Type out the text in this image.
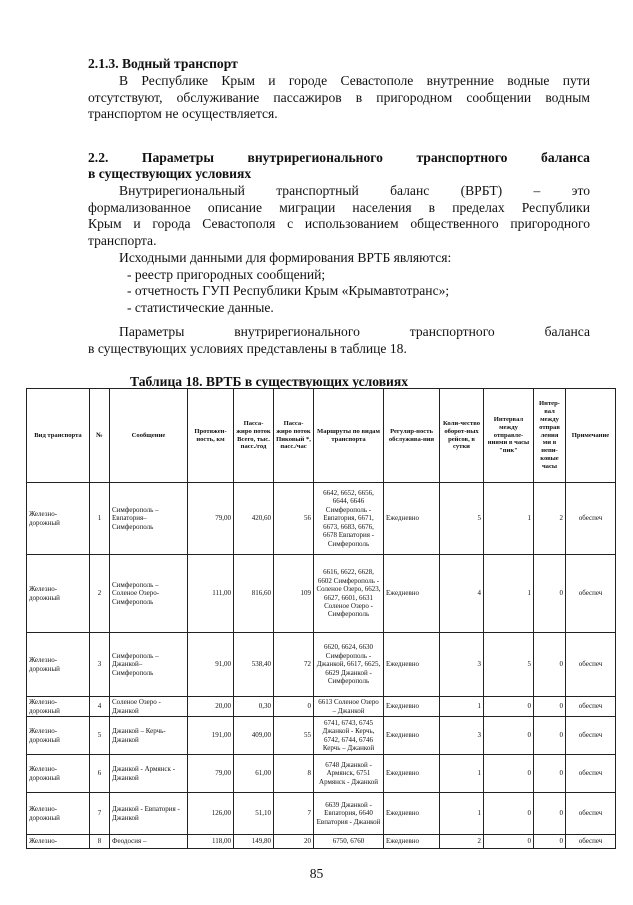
2.1.3. Водный транспорт

В Республике Крым и городе Севастополе внутренние водные пути

отсутствуют, обслуживание пассажиров в пригородном сообщении водным

транспортом не осуществляется.

2.2. Параметры внутрирегионального транспортного баланса
в существующих условиях

Внутрирегиональный транспортный баланс (ВРБТ) – это

формализованное описание миграции населения в пределах Республики

Крым и города Севастополя с использованием общественного пригородного

транспорта.

Исходными данными для формирования ВРТБ являются:

- реестр пригородных сообщений;

- отчетность ГУП Республики Крым «Крымавтотранс»;

- статистические данные.

Параметры внутрирегионального транспортного баланса

в существующих условиях представлены в таблице 18.

Таблица 18. ВРТБ в существующих условиях
Вид транспорта	№	Сообщение	Протяжен-ность, км	Пасса-жиро поток Всего, тыс. пасс./год	Пасса-жиро поток Пиковый *, пасс./час	Маршруты по видам транспорта	Регуляр-ность обслужива-ния	Коли-чество оборот-ных рейсов, в сутки	Интервал между отправле-ниями в часы "пик"	Интер-вал между отправ ления ми в непи-ковые часы	Примечание
Железно-дорожный	1	Симферополь – Евпатория– Симферополь	79,00	420,60	56	6642, 6652, 6656, 6644, 6646 Симферополь - Евпатория, 6671, 6673, 6683, 6676, 6678 Евпатория - Симферополь	Ежедневно	5	1	2	обеспеч
Железно-дорожный	2	Симферополь – Соленое Озеро- Симферополь	111,00	816,60	109	6616, 6622, 6628, 6602 Симферополь - Соленое Озеро, 6623, 6627, 6601, 6631 Соленое Озеро - Симферополь	Ежедневно	4	1	0	обеспеч
Железно-дорожный	3	Симферополь – Джанкой– Симферополь	91,00	538,40	72	6620, 6624, 6630 Симферополь - Джанкой, 6617, 6625, 6629 Джанкой - Симферополь	Ежедневно	3	5	0	обеспеч
Железно-дорожный	4	Соленое Озеро - Джанкой	20,00	0,30	0	6613 Соленое Озеро – Джанкой	Ежедневно	1	0	0	обеспеч
Железно-дорожный	5	Джанкой – Керчь- Джанкой	191,00	409,00	55	6741, 6743, 6745 Джанкой - Керчь, 6742, 6744, 6746 Керчь – Джанкой	Ежедневно	3	0	0	обеспеч
Железно-дорожный	6	Джанкой - Армянск - Джанкой	79,00	61,00	8	6748 Джанкой - Армянск, 6751 Армянск - Джанкой	Ежедневно	1	0	0	обеспеч
Железно-дорожный	7	Джанкой - Евпатория - Джанкой	126,00	51,10	7	6639 Джанкой - Евпатория, 6640 Евпатория - Джанкой	Ежедневно	1	0	0	обеспеч
Железно-	8	Феодосия –	118,00	149,80	20	6750, 6760	Ежедневно	2	0	0	обеспеч
85
